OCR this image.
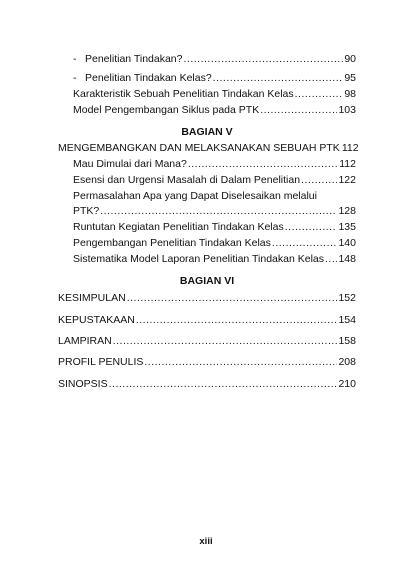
- Penelitian Tindakan? .....	90
- Penelitian Tindakan Kelas? .....	95
Karakteristik Sebuah Penelitian Tindakan Kelas .....	98
Model Pengembangan Siklus pada PTK .....	103
BAGIAN V
MENGEMBANGKAN DAN MELAKSANAKAN SEBUAH PTK 112
Mau Dimulai dari Mana? .....	112
Esensi dan Urgensi Masalah di Dalam Penelitian .....	122
Permasalahan Apa yang Dapat Diselesaikan melalui
PTK? .....	128
Runtutan Kegiatan Penelitian Tindakan Kelas .....	135
Pengembangan Penelitian Tindakan Kelas .....	140
Sistematika Model Laporan Penelitian Tindakan Kelas ..... 148
BAGIAN VI
KESIMPULAN .....	152
KEPUSTAKAAN .....	154
LAMPIRAN .....	158
PROFIL PENULIS .....	208
SINOPSIS .....	210
xiii
